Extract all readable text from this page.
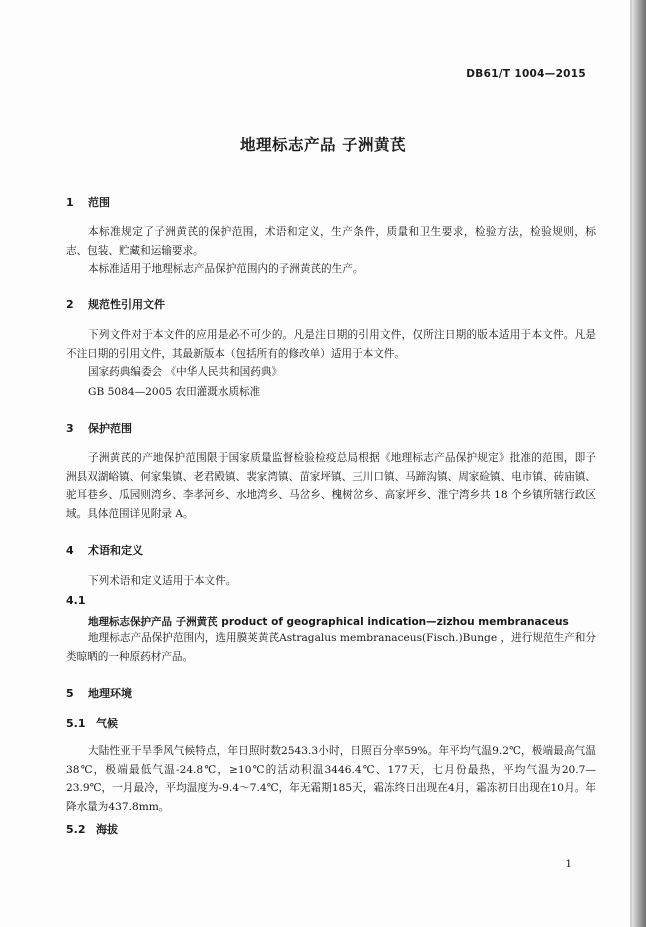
DB61/T 1004—2015
地理标志产品 子洲黄芪
1 范围
本标准规定了子洲黄芪的保护范围，术语和定义，生产条件，质量和卫生要求，检验方法，检验规则，标志、包装、贮藏和运输要求。
本标准适用于地理标志产品保护范围内的子洲黄芪的生产。
2 规范性引用文件
下列文件对于本文件的应用是必不可少的。凡是注日期的引用文件，仅所注日期的版本适用于本文件。凡是不注日期的引用文件，其最新版本（包括所有的修改单）适用于本文件。
国家药典编委会 《中华人民共和国药典》
GB 5084—2005 农田灌溉水质标准
3 保护范围
子洲黄芪的产地保护范围限于国家质量监督检验检疫总局根据《地理标志产品保护规定》批准的范围，即子洲县双湖峪镇、何家集镇、老君殿镇、裴家湾镇、苗家坪镇、三川口镇、马蹄沟镇、周家硷镇、电市镇、砖庙镇、驼耳巷乡、瓜园则湾乡、李孝河乡、水地湾乡、马岔乡、槐树岔乡、高家坪乡、淮宁湾乡共 18 个乡镇所辖行政区域。具体范围详见附录 A。
4 术语和定义
下列术语和定义适用于本文件。
4.1
地理标志保护产品 子洲黄芪 product of geographical indication—zizhou membranaceus
地理标志产品保护范围内，选用膜荚黄芪Astragalus membranaceus(Fisch.)Bunge ，进行规范生产和分类晾晒的一种原药材产品。
5 地理环境
5.1 气候
大陆性亚干旱季风气候特点，年日照时数2543.3小时，日照百分率59%。年平均气温9.2℃，极端最高气温38℃，极端最低气温-24.8℃，≥10℃的活动积温3446.4℃、177天，七月份最热，平均气温为20.7—23.9℃，一月最冷，平均温度为-9.4～7.4℃，年无霜期185天，霜冻终日出现在4月，霜冻初日出现在10月。年降水量为437.8mm。
5.2 海拔
1
